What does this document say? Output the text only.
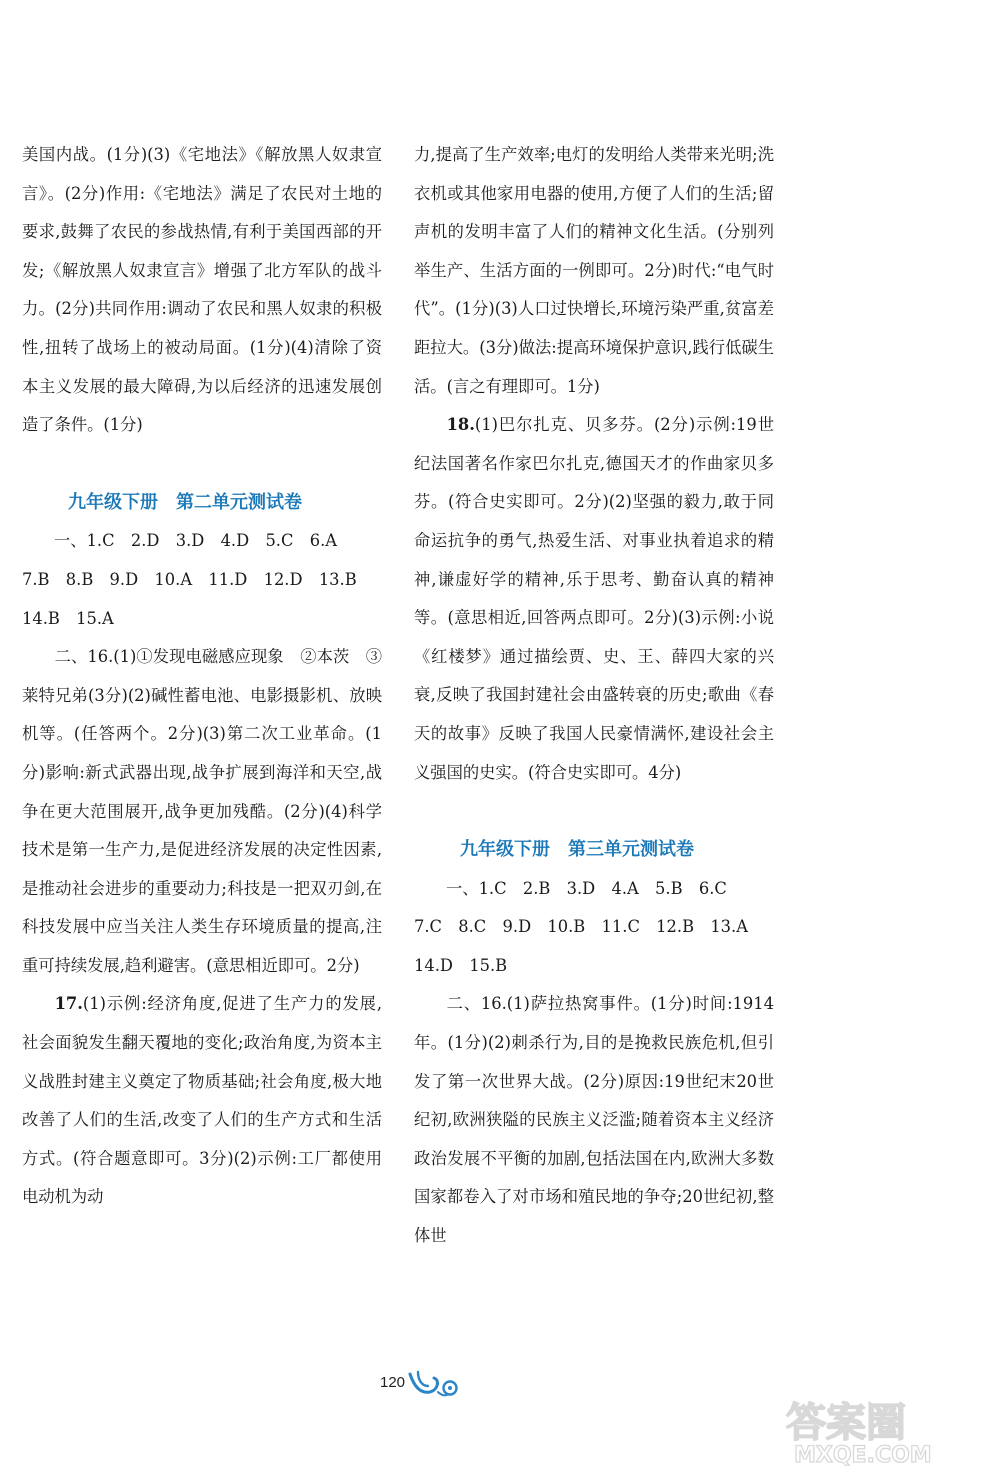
美国内战。(1分)(3)《宅地法》《解放黑人奴隶宣言》。(2分)作用:《宅地法》满足了农民对土地的要求,鼓舞了农民的参战热情,有利于美国西部的开发;《解放黑人奴隶宣言》增强了北方军队的战斗力。(2分)共同作用:调动了农民和黑人奴隶的积极性,扭转了战场上的被动局面。(1分)(4)清除了资本主义发展的最大障碍,为以后经济的迅速发展创造了条件。(1分)

九年级下册　第二单元测试卷

一、1.C　2.D　3.D　4.D　5.C　6.A

7.B　8.B　9.D　10.A　11.D　12.D　13.B

14.B　15.A

二、16.(1)①发现电磁感应现象　②本茨　③莱特兄弟(3分)(2)碱性蓄电池、电影摄影机、放映机等。(任答两个。2分)(3)第二次工业革命。(1分)影响:新式武器出现,战争扩展到海洋和天空,战争在更大范围展开,战争更加残酷。(2分)(4)科学技术是第一生产力,是促进经济发展的决定性因素,是推动社会进步的重要动力;科技是一把双刃剑,在科技发展中应当关注人类生存环境质量的提高,注重可持续发展,趋利避害。(意思相近即可。2分)

17.(1)示例:经济角度,促进了生产力的发展,社会面貌发生翻天覆地的变化;政治角度,为资本主义战胜封建主义奠定了物质基础;社会角度,极大地改善了人们的生活,改变了人们的生产方式和生活方式。(符合题意即可。3分)(2)示例:工厂都使用电动机为动

力,提高了生产效率;电灯的发明给人类带来光明;洗衣机或其他家用电器的使用,方便了人们的生活;留声机的发明丰富了人们的精神文化生活。(分别列举生产、生活方面的一例即可。2分)时代:“电气时代”。(1分)(3)人口过快增长,环境污染严重,贫富差距拉大。(3分)做法:提高环境保护意识,践行低碳生活。(言之有理即可。1分)

18.(1)巴尔扎克、贝多芬。(2分)示例:19世纪法国著名作家巴尔扎克,德国天才的作曲家贝多芬。(符合史实即可。2分)(2)坚强的毅力,敢于同命运抗争的勇气,热爱生活、对事业执着追求的精神,谦虚好学的精神,乐于思考、勤奋认真的精神等。(意思相近,回答两点即可。2分)(3)示例:小说《红楼梦》通过描绘贾、史、王、薛四大家的兴衰,反映了我国封建社会由盛转衰的历史;歌曲《春天的故事》反映了我国人民豪情满怀,建设社会主义强国的史实。(符合史实即可。4分)

九年级下册　第三单元测试卷

一、1.C　2.B　3.D　4.A　5.B　6.C

7.C　8.C　9.D　10.B　11.C　12.B　13.A

14.D　15.B

二、16.(1)萨拉热窝事件。(1分)时间:1914年。(1分)(2)刺杀行为,目的是挽救民族危机,但引发了第一次世界大战。(2分)原因:19世纪末20世纪初,欧洲狭隘的民族主义泛滥;随着资本主义经济政治发展不平衡的加剧,包括法国在内,欧洲大多数国家都卷入了对市场和殖民地的争夺;20世纪初,整体世

120
答案圈
MXQE.COM
